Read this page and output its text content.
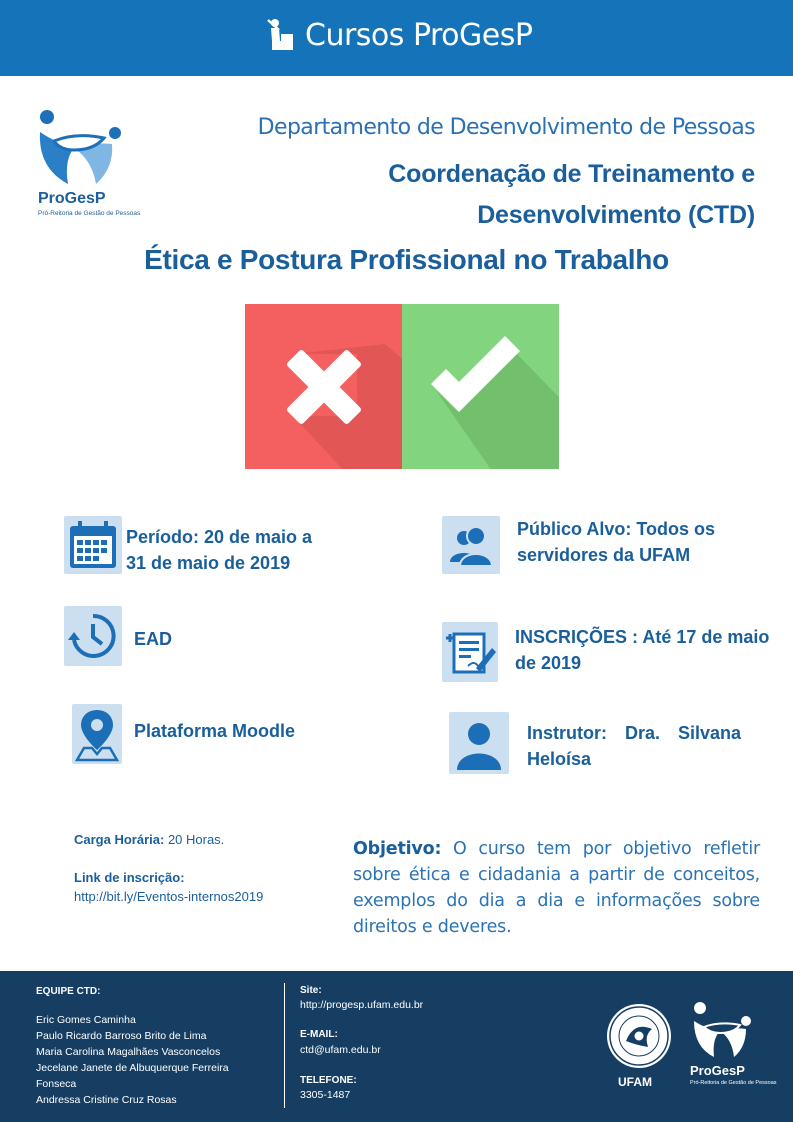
Cursos ProGesP
ProGesP
Pró-Reitoria de Gestão de Pessoas
Departamento de Desenvolvimento de Pessoas
Coordenação de Treinamento e
Desenvolvimento (CTD)
Ética e Postura Profissional no Trabalho
Período: 20 de maio a
31 de maio de 2019
EAD
Plataforma Moodle
Público Alvo: Todos os
servidores da UFAM
INSCRIÇÕES : Até 17 de maio
de 2019
Instrutor:  Dra.  Silvana
Heloísa
Carga Horária: 20 Horas.
Link de inscrição:
http://bit.ly/Eventos-internos2019
Objetivo: O curso tem por objetivo refletir sobre ética e cidadania a partir de conceitos, exemplos do dia a dia e informações sobre direitos e deveres.
EQUIPE CTD:
Eric Gomes Caminha
Paulo Ricardo Barroso Brito de Lima
Maria Carolina Magalhães Vasconcelos
Jecelane Janete de Albuquerque Ferreira
Fonseca
Andressa Cristine Cruz Rosas
Site:
http://progesp.ufam.edu.br
E-MAIL:
ctd@ufam.edu.br
TELEFONE:
3305-1487
UFAM
ProGesP
Pró-Reitoria de Gestão de Pessoas
